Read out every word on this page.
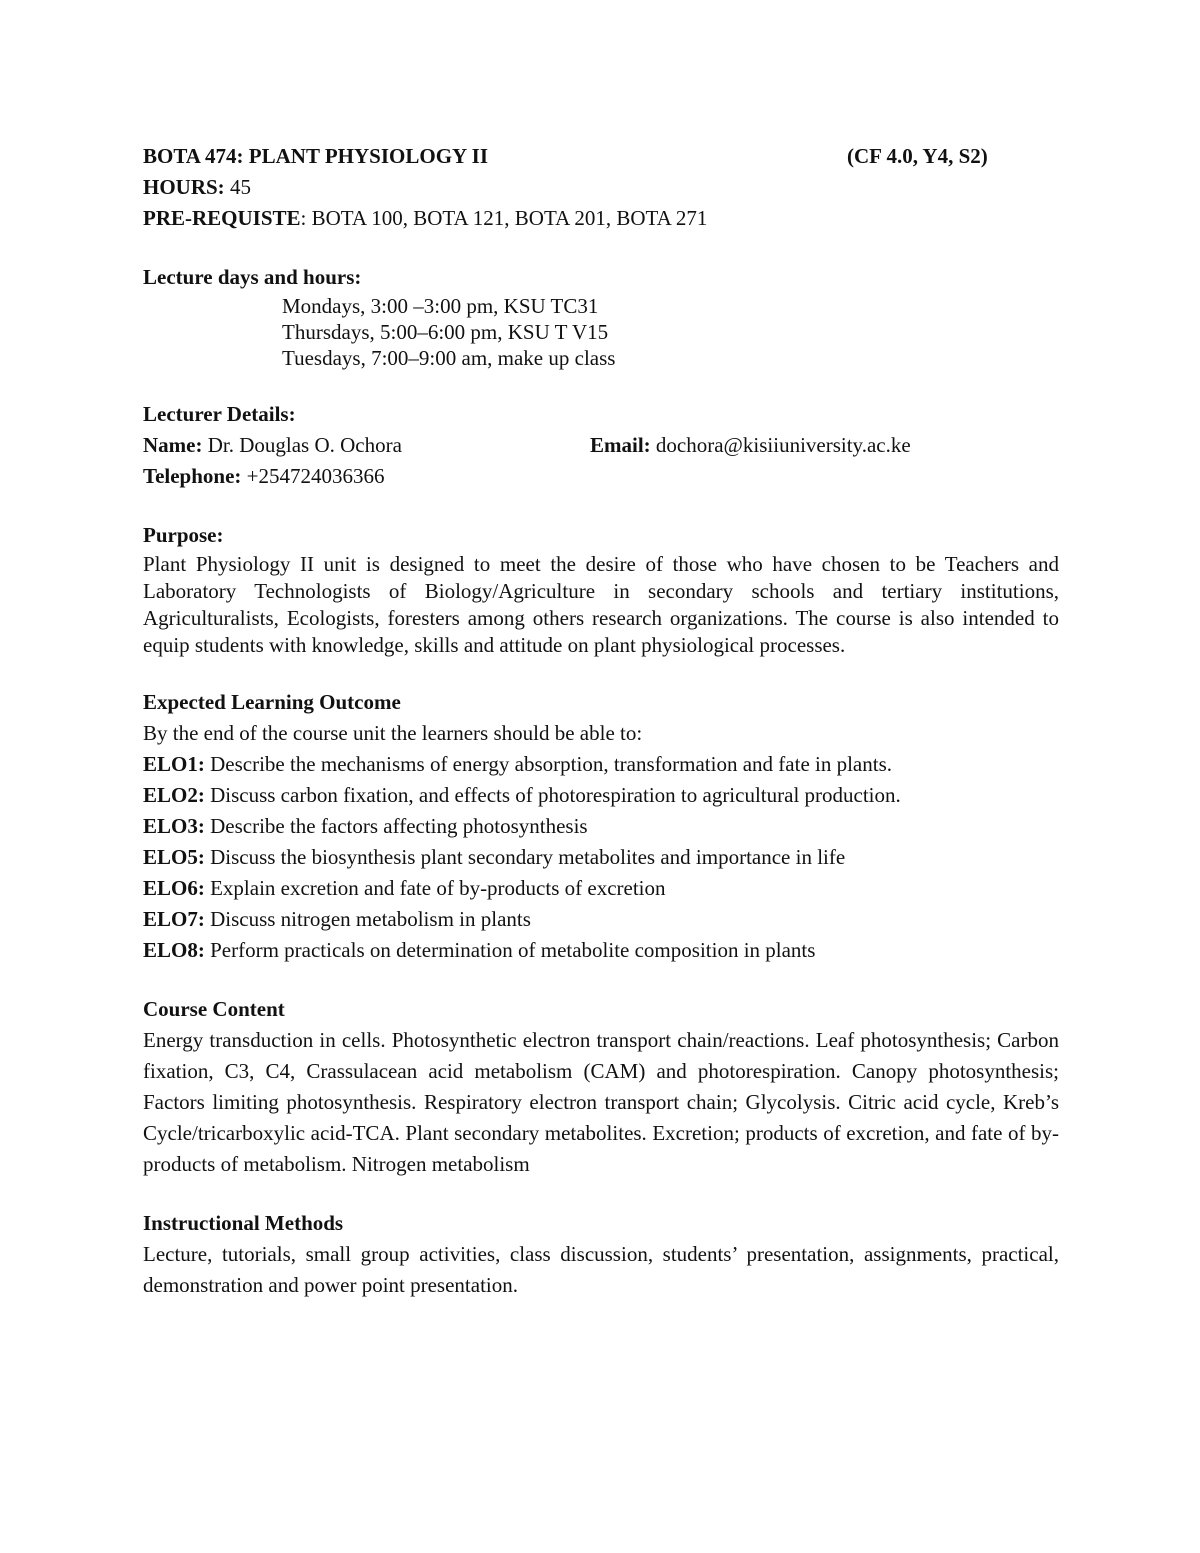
BOTA 474: PLANT PHYSIOLOGY II	(CF 4.0, Y4, S2)
HOURS: 45
PRE-REQUISTE: BOTA 100, BOTA 121, BOTA 201, BOTA 271
Lecture days and hours:
Mondays, 3:00 –3:00 pm, KSU TC31
Thursdays, 5:00–6:00 pm, KSU T V15
Tuesdays, 7:00–9:00 am, make up class
Lecturer Details:
Name: Dr. Douglas O. Ochora	Email: dochora@kisiiuniversity.ac.ke
Telephone: +254724036366
Purpose:
Plant Physiology II unit is designed to meet the desire of those who have chosen to be Teachers and Laboratory Technologists of Biology/Agriculture in secondary schools and tertiary institutions, Agriculturalists, Ecologists, foresters among others research organizations. The course is also intended to equip students with knowledge, skills and attitude on plant physiological processes.
Expected Learning Outcome
By the end of the course unit the learners should be able to:
ELO1: Describe the mechanisms of energy absorption, transformation and fate in plants.
ELO2: Discuss carbon fixation, and effects of photorespiration to agricultural production.
ELO3: Describe the factors affecting photosynthesis
ELO5: Discuss the biosynthesis plant secondary metabolites and importance in life
ELO6: Explain excretion and fate of by-products of excretion
ELO7: Discuss nitrogen metabolism in plants
ELO8: Perform practicals on determination of metabolite composition in plants
Course Content
Energy transduction in cells. Photosynthetic electron transport chain/reactions. Leaf photosynthesis; Carbon fixation, C3, C4, Crassulacean acid metabolism (CAM) and photorespiration. Canopy photosynthesis; Factors limiting photosynthesis. Respiratory electron transport chain; Glycolysis. Citric acid cycle, Kreb’s Cycle/tricarboxylic acid-TCA. Plant secondary metabolites. Excretion; products of excretion, and fate of by-products of metabolism. Nitrogen metabolism
Instructional Methods
Lecture, tutorials, small group activities, class discussion, students’ presentation, assignments, practical, demonstration and power point presentation.
